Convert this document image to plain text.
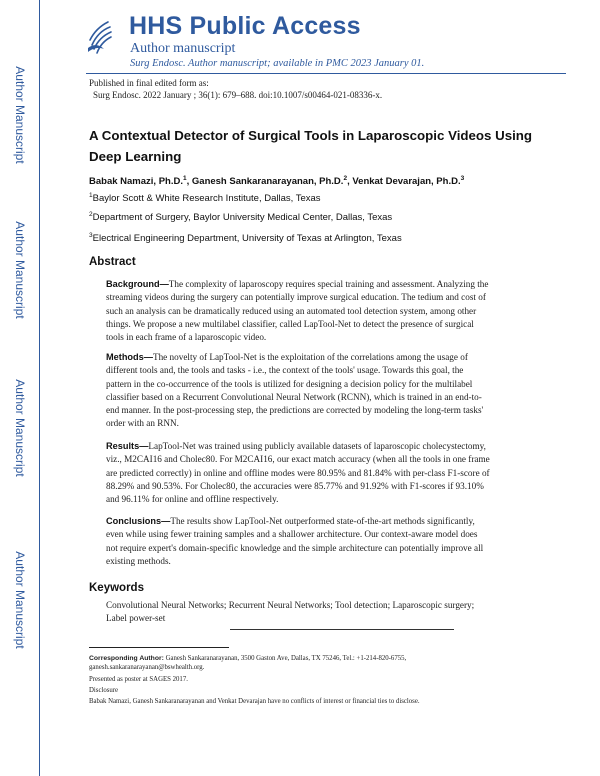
Author Manuscript
Author Manuscript
Author Manuscript
Author Manuscript
HHS Public Access
Author manuscript
Surg Endosc. Author manuscript; available in PMC 2023 January 01.
Published in final edited form as:
Surg Endosc. 2022 January ; 36(1): 679–688. doi:10.1007/s00464-021-08336-x.
A Contextual Detector of Surgical Tools in Laparoscopic Videos Using Deep Learning
Babak Namazi, Ph.D.$^1$, Ganesh Sankaranarayanan, Ph.D.$^2$, Venkat Devarajan, Ph.D.$^3$
$^1$Baylor Scott & White Research Institute, Dallas, Texas
$^2$Department of Surgery, Baylor University Medical Center, Dallas, Texas
$^3$Electrical Engineering Department, University of Texas at Arlington, Texas
Abstract
Background—The complexity of laparoscopy requires special training and assessment. Analyzing the streaming videos during the surgery can potentially improve surgical education. The tedium and cost of such an analysis can be dramatically reduced using an automated tool detection system, among other things. We propose a new multilabel classifier, called LapTool-Net to detect the presence of surgical tools in each frame of a laparoscopic video.
Methods—The novelty of LapTool-Net is the exploitation of the correlations among the usage of different tools and, the tools and tasks - i.e., the context of the tools' usage. Towards this goal, the pattern in the co-occurrence of the tools is utilized for designing a decision policy for the multilabel classifier based on a Recurrent Convolutional Neural Network (RCNN), which is trained in an end-to-end manner. In the post-processing step, the predictions are corrected by modeling the long-term tasks' order with an RNN.
Results—LapTool-Net was trained using publicly available datasets of laparoscopic cholecystectomy, viz., M2CAI16 and Cholec80. For M2CAI16, our exact match accuracy (when all the tools in one frame are predicted correctly) in online and offline modes were 80.95% and 81.84% with per-class F1-score of 88.29% and 90.53%. For Cholec80, the accuracies were 85.77% and 91.92% with F1-scores if 93.10% and 96.11% for online and offline respectively.
Conclusions—The results show LapTool-Net outperformed state-of-the-art methods significantly, even while using fewer training samples and a shallower architecture. Our context-aware model does not require expert's domain-specific knowledge and the simple architecture can potentially improve all existing methods.
Keywords
Convolutional Neural Networks; Recurrent Neural Networks; Tool detection; Laparoscopic surgery; Label power-set
Corresponding Author: Ganesh Sankaranarayanan, 3500 Gaston Ave, Dallas, TX 75246, Tel.: +1-214-820-6755, ganesh.sankaranarayanan@bswhealth.org.
Presented as poster at SAGES 2017.
Disclosure
Babak Namazi, Ganesh Sankaranarayanan and Venkat Devarajan have no conflicts of interest or financial ties to disclose.
